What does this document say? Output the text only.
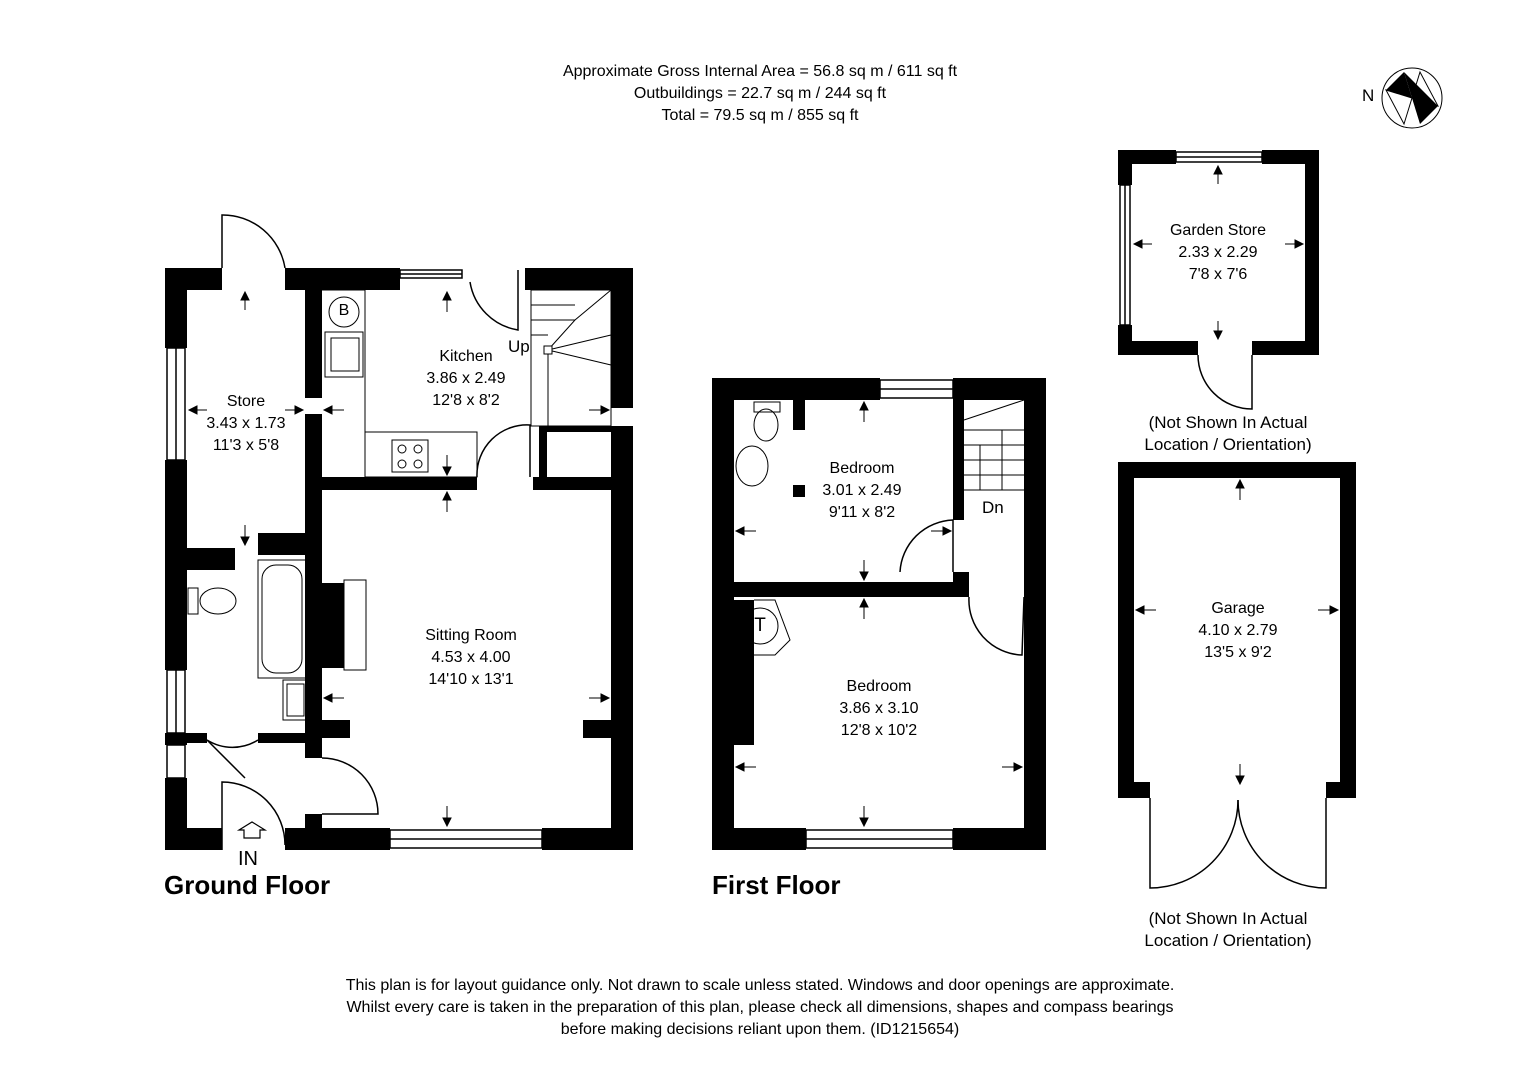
Approximate Gross Internal Area = 56.8 sq m / 611 sq ft
Outbuildings = 22.7 sq m / 244 sq ft
Total = 79.5 sq m / 855 sq ft
N
B
Up
Store
3.43 x 1.73
11'3 x 5'8
Kitchen
3.86 x 2.49
12'8 x 8'2
Sitting Room
4.53 x 4.00
14'10 x 13'1
IN
Ground Floor
Bedroom
3.01 x 2.49
9'11 x 8'2	Dn
T
Bedroom
3.86 x 3.10
12'8 x 10'2
First Floor
Garden Store
2.33 x 2.29
7'8 x 7'6
(Not Shown In Actual
Location / Orientation)
Garage
4.10 x 2.79
13'5 x 9'2
(Not Shown In Actual
Location / Orientation)
This plan is for layout guidance only. Not drawn to scale unless stated. Windows and door openings are approximate.
Whilst every care is taken in the preparation of this plan, please check all dimensions, shapes and compass bearings
before making decisions reliant upon them. (ID1215654)
